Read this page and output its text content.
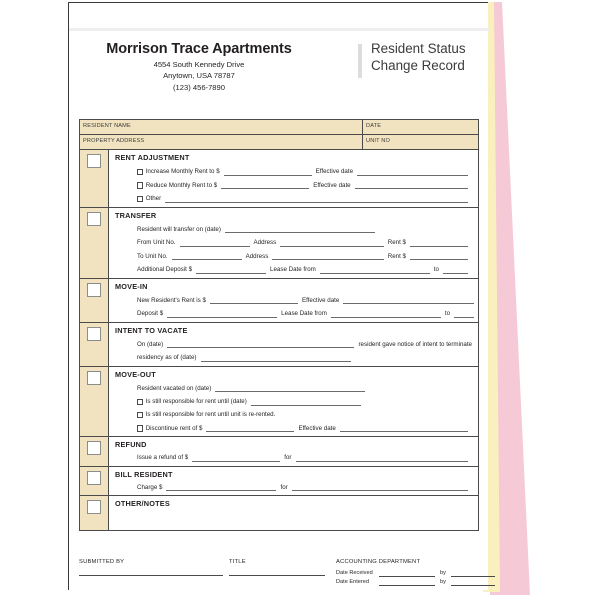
Morrison Trace Apartments
4554 South Kennedy Drive
Anytown, USA 78787
(123) 456-7890
Resident Status
Change Record
RESIDENT NAME	DATE
PROPERTY ADDRESS	UNIT NO
RENT ADJUSTMENT
Increase Monthly Rent to $	Effective date
Reduce Monthly Rent to $	Effective date
Other
TRANSFER
Resident will transfer on (date)
From Unit No.	Address	Rent $
To Unit No.	Address	Rent $
Additional Deposit $	Lease Date from	to
MOVE-IN
New Resident's Rent is $	Effective date
Deposit $	Lease Date from	to
INTENT TO VACATE
On (date)	resident gave notice of intent to terminate
residency as of (date)
MOVE-OUT
Resident vacated on (date)
Is still responsible for rent until (date)
Is still responsible for rent until unit is re-rented.
Discontinue rent of $	Effective date
REFUND
Issue a refund of $	for
BILL RESIDENT
Charge $	for
OTHER/NOTES
SUBMITTED BY	TITLE	ACCOUNTING DEPARTMENT
Date Received	by
Date Entered	by
